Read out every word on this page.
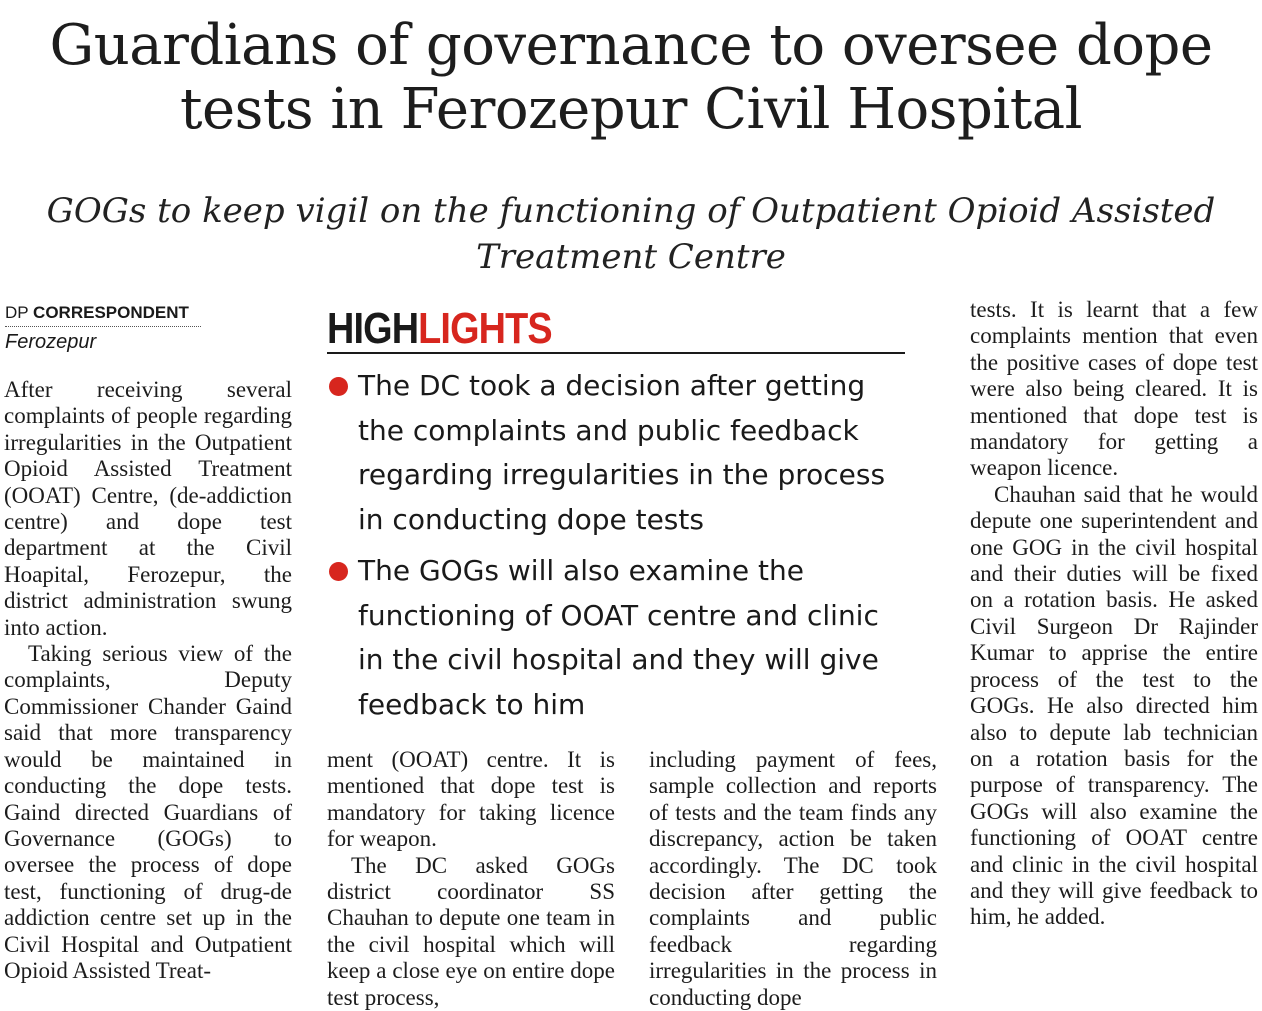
Guardians of governance to oversee dope tests in Ferozepur Civil Hospital
GOGs to keep vigil on the functioning of Outpatient Opioid Assisted Treatment Centre
DP CORRESPONDENT
Ferozepur

After receiving several complaints of people regarding irregularities in the Outpatient Opioid Assisted Treatment (OOAT) Centre, (de-addiction centre) and dope test department at the Civil Hoapital, Ferozepur, the district administration swung into action.

Taking serious view of the complaints, Deputy Commissioner Chander Gaind said that more transparency would be maintained in conducting the dope tests. Gaind directed Guardians of Governance (GOGs) to oversee the process of dope test, functioning of drug-de addiction centre set up in the Civil Hospital and Outpatient Opioid Assisted Treat-

HIGHLIGHTS
The DC took a decision after getting the complaints and public feedback regarding irregularities in the process in conducting dope tests
The GOGs will also examine the functioning of OOAT centre and clinic in the civil hospital and they will give feedback to him

ment (OOAT) centre. It is mentioned that dope test is mandatory for taking licence for weapon.

The DC asked GOGs district coordinator SS Chauhan to depute one team in the civil hospital which will keep a close eye on entire dope test process,

including payment of fees, sample collection and reports of tests and the team finds any discrepancy, action be taken accordingly. The DC took decision after getting the complaints and public feedback regarding irregularities in the process in conducting dope

tests. It is learnt that a few complaints mention that even the positive cases of dope test were also being cleared. It is mentioned that dope test is mandatory for getting a weapon licence.

Chauhan said that he would depute one superintendent and one GOG in the civil hospital and their duties will be fixed on a rotation basis. He asked Civil Surgeon Dr Rajinder Kumar to apprise the entire process of the test to the GOGs. He also directed him also to depute lab technician on a rotation basis for the purpose of transparency. The GOGs will also examine the functioning of OOAT centre and clinic in the civil hospital and they will give feedback to him, he added.
